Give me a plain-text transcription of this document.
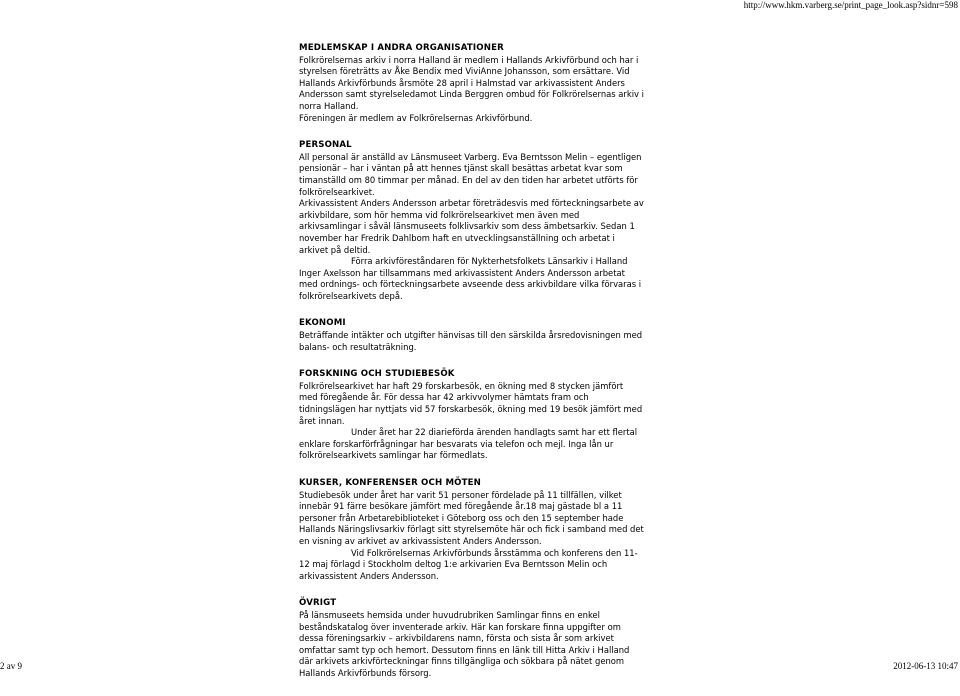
http://www.hkm.varberg.se/print_page_look.asp?sidnr=598
MEDLEMSKAP I ANDRA ORGANISATIONER

Folkrörelsernas arkiv i norra Halland är medlem i Hallands Arkivförbund och har i styrelsen företrätts av Åke Bendix med ViviAnne Johansson, som ersättare. Vid Hallands Arkivförbunds årsmöte 28 april i Halmstad var arkivassistent Anders Andersson samt styrelseledamot Linda Berggren ombud för Folkrörelsernas arkiv i norra Halland.

Föreningen är medlem av Folkrörelsernas Arkivförbund.

PERSONAL

All personal är anställd av Länsmuseet Varberg. Eva Berntsson Melin – egentligen pensionär – har i väntan på att hennes tjänst skall besättas arbetat kvar som timanställd om 80 timmar per månad. En del av den tiden har arbetet utförts för folkrörelsearkivet.

Arkivassistent Anders Andersson arbetar företrädesvis med förteckningsarbete av arkivbildare, som hör hemma vid folkrörelsearkivet men även med arkivsamlingar i såväl länsmuseets folklivsarkiv som dess ämbetsarkiv. Sedan 1 november har Fredrik Dahlbom haft en utvecklingsanställning och arbetat i arkivet på deltid.

Förra arkivföreståndaren för Nykterhetsfolkets Länsarkiv i Halland Inger Axelsson har tillsammans med arkivassistent Anders Andersson arbetat med ordnings- och förteckningsarbete avseende dess arkivbildare vilka förvaras i folkrörelsearkivets depå.

EKONOMI

Beträffande intäkter och utgifter hänvisas till den särskilda årsredovisningen med balans- och resultaträkning.

FORSKNING OCH STUDIEBESÖK

Folkrörelsearkivet har haft 29 forskarbesök, en ökning med 8 stycken jämfört med föregående år. För dessa har 42 arkivvolymer hämtats fram och tidningslägen har nyttjats vid 57 forskarbesök, ökning med 19 besök jämfört med året innan.

Under året har 22 diarieförda ärenden handlagts samt har ett flertal enklare forskarförfrågningar har besvarats via telefon och mejl. Inga lån ur folkrörelsearkivets samlingar har förmedlats.

KURSER, KONFERENSER OCH MÖTEN

Studiebesök under året har varit 51 personer fördelade på 11 tillfällen, vilket innebär 91 färre besökare jämfört med föregående år.18 maj gästade bl a 11 personer från Arbetarebiblioteket i Göteborg oss och den 15 september hade Hallands Näringslivsarkiv förlagt sitt styrelsemöte här och fick i samband med det en visning av arkivet av arkivassistent Anders Andersson.

Vid Folkrörelsernas Arkivförbunds årsstämma och konferens den 11-12 maj förlagd i Stockholm deltog 1:e arkivarien Eva Berntsson Melin och arkivassistent Anders Andersson.

ÖVRIGT

På länsmuseets hemsida under huvudrubriken Samlingar finns en enkel beståndskatalog över inventerade arkiv. Här kan forskare finna uppgifter om dessa föreningsarkiv – arkivbildarens namn, första och sista år som arkivet omfattar samt typ och hemort. Dessutom finns en länk till Hitta Arkiv i Halland där arkivets arkivförteckningar finns tillgängliga och sökbara på nätet genom Hallands Arkivförbunds försorg.

2 av 9	2012-06-13 10:47
